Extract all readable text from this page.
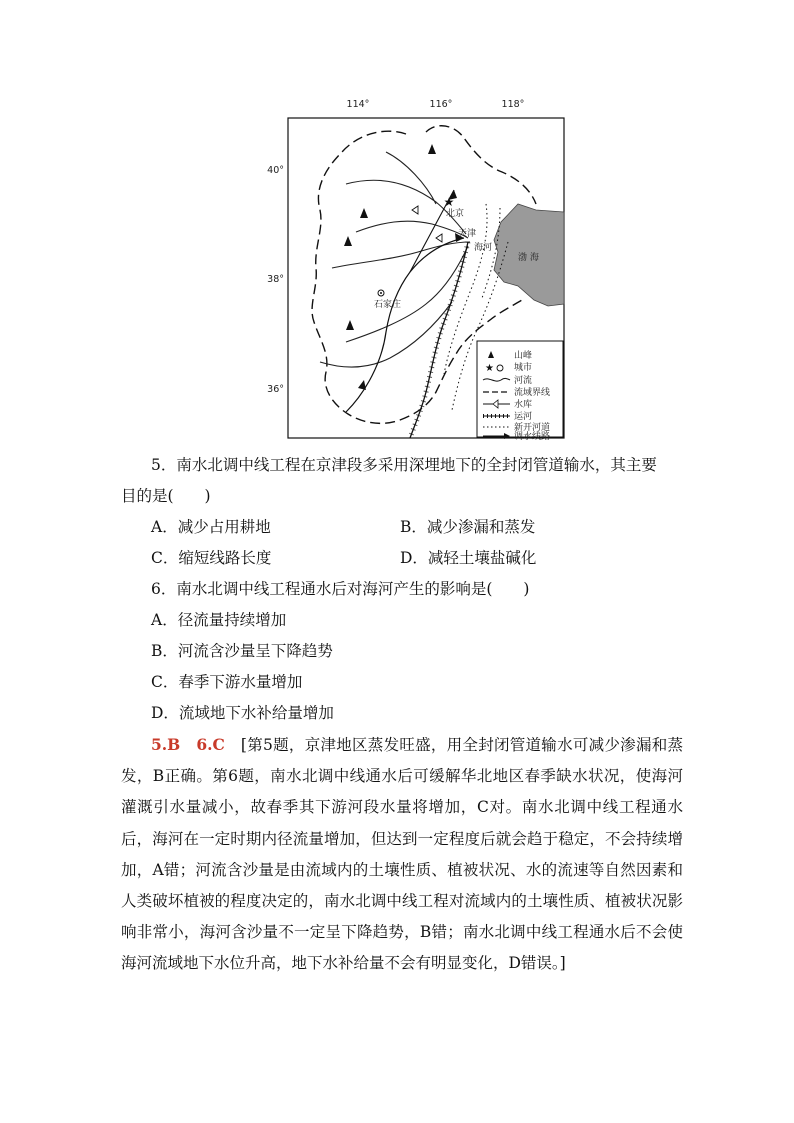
114°	116°	118°
40°
38°
36°
渤 海
★
北京
天津
海河
石家庄
山峰
★ 城市
河流
流域界线
水库
运河
新开河道
调水线路
5．南水北调中线工程在京津段多采用深埋地下的全封闭管道输水，其主要
目的是(　　)
A．减少占用耕地	B．减少渗漏和蒸发
C．缩短线路长度	D．减轻土壤盐碱化
6．南水北调中线工程通水后对海河产生的影响是(　　)
A．径流量持续增加
B．河流含沙量呈下降趋势
C．春季下游水量增加
D．流域地下水补给量增加
5.B　6.C　 [第5题，京津地区蒸发旺盛，用全封闭管道输水可减少渗漏和蒸发，B正确。第6题，南水北调中线通水后可缓解华北地区春季缺水状况，使海河灌溉引水量减小，故春季其下游河段水量将增加，C对。南水北调中线工程通水后，海河在一定时期内径流量增加，但达到一定程度后就会趋于稳定，不会持续增加，A错；河流含沙量是由流域内的土壤性质、植被状况、水的流速等自然因素和人类破坏植被的程度决定的，南水北调中线工程对流域内的土壤性质、植被状况影响非常小，海河含沙量不一定呈下降趋势，B错；南水北调中线工程通水后不会使海河流域地下水位升高，地下水补给量不会有明显变化，D错误。]
